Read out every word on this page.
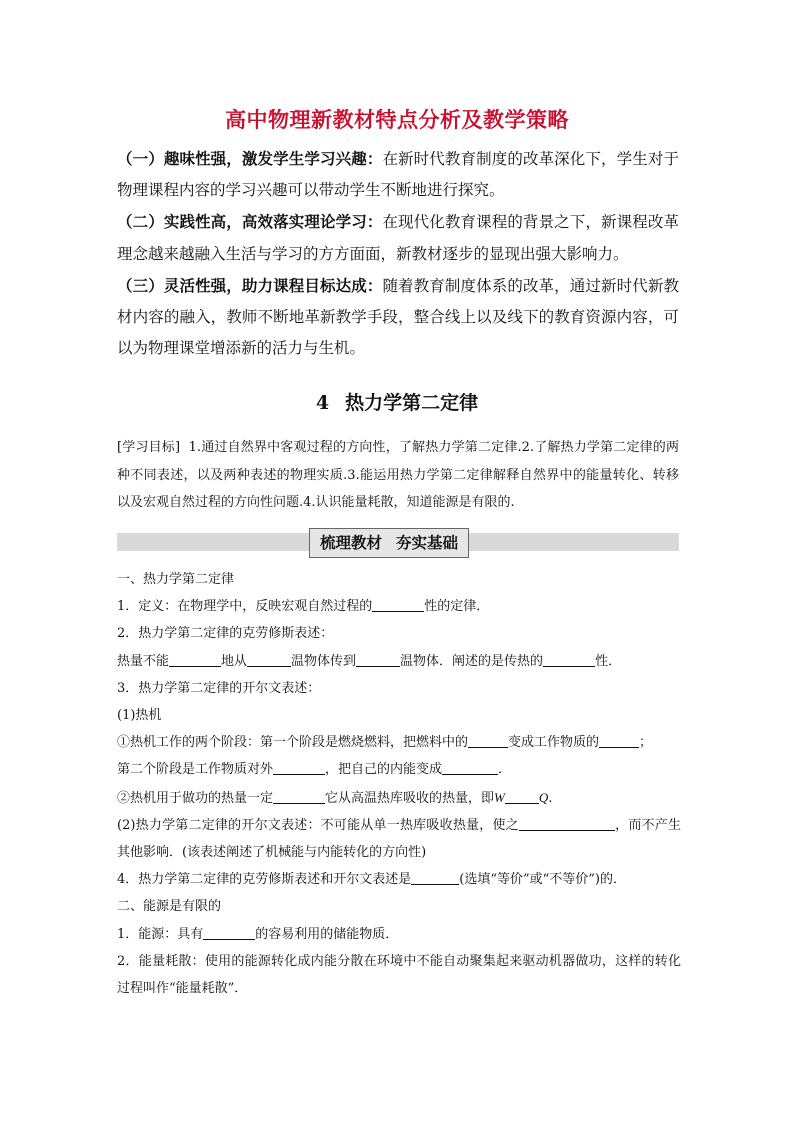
高中物理新教材特点分析及教学策略

（一）趣味性强，激发学生学习兴趣：在新时代教育制度的改革深化下，学生对于物理课程内容的学习兴趣可以带动学生不断地进行探究。

（二）实践性高，高效落实理论学习：在现代化教育课程的背景之下，新课程改革理念越来越融入生活与学习的方方面面，新教材逐步的显现出强大影响力。

（三）灵活性强，助力课程目标达成：随着教育制度体系的改革，通过新时代新教材内容的融入，教师不断地革新教学手段，整合线上以及线下的教育资源内容，可以为物理课堂增添新的活力与生机。

4 热力学第二定律

[学习目标] 1.通过自然界中客观过程的方向性，了解热力学第二定律.2.了解热力学第二定律的两种不同表述，以及两种表述的物理实质.3.能运用热力学第二定律解释自然界中的能量转化、转移以及宏观自然过程的方向性问题.4.认识能量耗散，知道能源是有限的.

梳理教材 夯实基础

一、热力学第二定律

1．定义：在物理学中，反映宏观自然过程的	性的定律．

2．热力学第二定律的克劳修斯表述：

热量不能	地从	温物体传到	温物体．阐述的是传热的	性．

3．热力学第二定律的开尔文表述：

(1)热机

①热机工作的两个阶段：第一个阶段是燃烧燃料，把燃料中的	变成工作物质的	；

第二个阶段是工作物质对外	，把自己的内能变成	．

②热机用于做功的热量一定	它从高温热库吸收的热量，即W	Q.

(2)热力学第二定律的开尔文表述：不可能从单一热库吸收热量，使之	，而不产生其他影响．(该表述阐述了机械能与内能转化的方向性)

4．热力学第二定律的克劳修斯表述和开尔文表述是	(选填“等价”或“不等价”)的．

二、能源是有限的

1．能源：具有	的容易利用的储能物质．

2．能量耗散：使用的能源转化成内能分散在环境中不能自动聚集起来驱动机器做功，这样的转化过程叫作“能量耗散”．
